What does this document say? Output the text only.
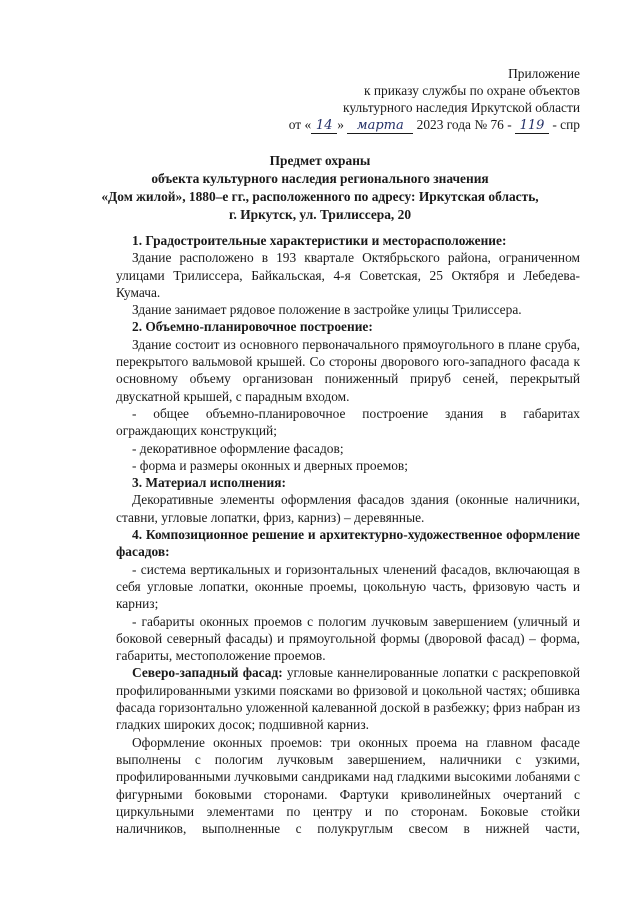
Приложение
к приказу службы по охране объектов
культурного наследия Иркутской области
от « 14 » марта 2023 года № 76 - 119 - спр
Предмет охраны
объекта культурного наследия регионального значения
«Дом жилой», 1880–е гг., расположенного по адресу: Иркутская область,
г. Иркутск, ул. Трилиссера, 20

1. Градостроительные характеристики и месторасположение:

Здание расположено в 193 квартале Октябрьского района, ограниченном улицами Трилиссера, Байкальская, 4-я Советская, 25 Октября и Лебедева-Кумача.

Здание занимает рядовое положение в застройке улицы Трилиссера.

2. Объемно-планировочное построение:

Здание состоит из основного первоначального прямоугольного в плане сруба, перекрытого вальмовой крышей. Со стороны дворового юго-западного фасада к основному объему организован пониженный прируб сеней, перекрытый двускатной крышей, с парадным входом.

- общее объемно-планировочное построение здания в габаритах ограждающих конструкций;

- декоративное оформление фасадов;

- форма и размеры оконных и дверных проемов;

3. Материал исполнения:

Декоративные элементы оформления фасадов здания (оконные наличники, ставни, угловые лопатки, фриз, карниз) – деревянные.

4. Композиционное решение и архитектурно-художественное оформление фасадов:

- система вертикальных и горизонтальных членений фасадов, включающая в себя угловые лопатки, оконные проемы, цокольную часть, фризовую часть и карниз;

- габариты оконных проемов с пологим лучковым завершением (уличный и боковой северный фасады) и прямоугольной формы (дворовой фасад) – форма, габариты, местоположение проемов.

Северо-западный фасад: угловые каннелированные лопатки с раскреповкой профилированными узкими поясками во фризовой и цокольной частях; обшивка фасада горизонтально уложенной калеванной доской в разбежку; фриз набран из гладких широких досок; подшивной карниз.

Оформление оконных проемов: три оконных проема на главном фасаде выполнены с пологим лучковым завершением, наличники с узкими, профилированными лучковыми сандриками над гладкими высокими лобанями с фигурными боковыми сторонами. Фартуки криволинейных очертаний с циркульными элементами по центру и по сторонам. Боковые стойки наличников, выполненные с полукруглым свесом в нижней части,
